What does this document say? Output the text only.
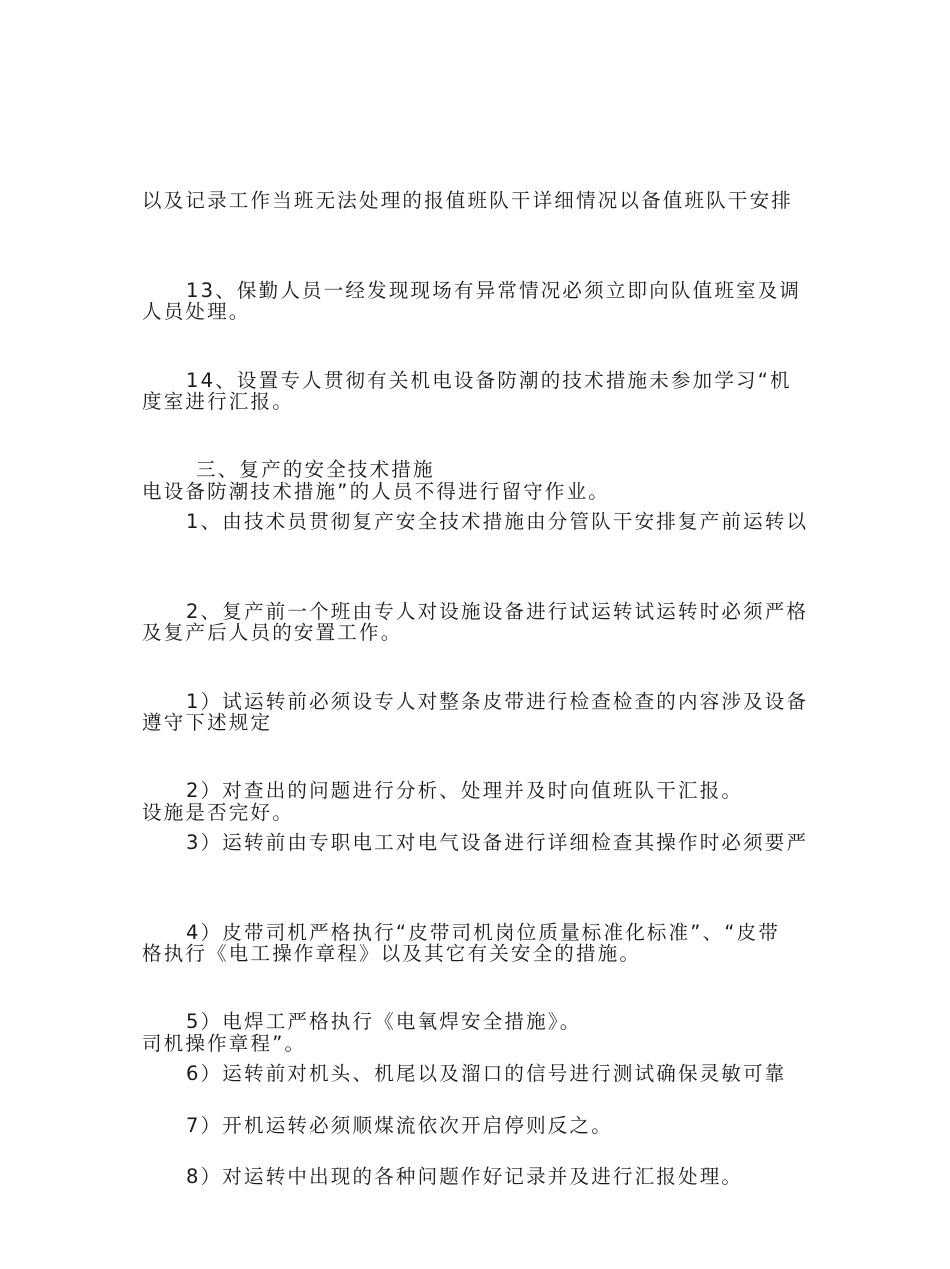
以及记录工作当班无法处理的报值班队干详细情况以备值班队干安排

人员处理。

13、保勤人员一经发现现场有异常情况必须立即向队值班室及调

度室进行汇报。

14、设置专人贯彻有关机电设备防潮的技术措施未参加学习“机

电设备防潮技术措施”的人员不得进行留守作业。

三、复产的安全技术措施

1、由技术员贯彻复产安全技术措施由分管队干安排复产前运转以

及复产后人员的安置工作。

2、复产前一个班由专人对设施设备进行试运转试运转时必须严格

遵守下述规定

1）试运转前必须设专人对整条皮带进行检查检查的内容涉及设备

设施是否完好。

2）对查出的问题进行分析、处理并及时向值班队干汇报。

3）运转前由专职电工对电气设备进行详细检查其操作时必须要严

格执行《电工操作章程》以及其它有关安全的措施。

4）皮带司机严格执行“皮带司机岗位质量标准化标准”、“皮带

司机操作章程”。

5）电焊工严格执行《电氧焊安全措施》。

6）运转前对机头、机尾以及溜口的信号进行测试确保灵敏可靠

7）开机运转必须顺煤流依次开启停则反之。

8）对运转中出现的各种问题作好记录并及进行汇报处理。
